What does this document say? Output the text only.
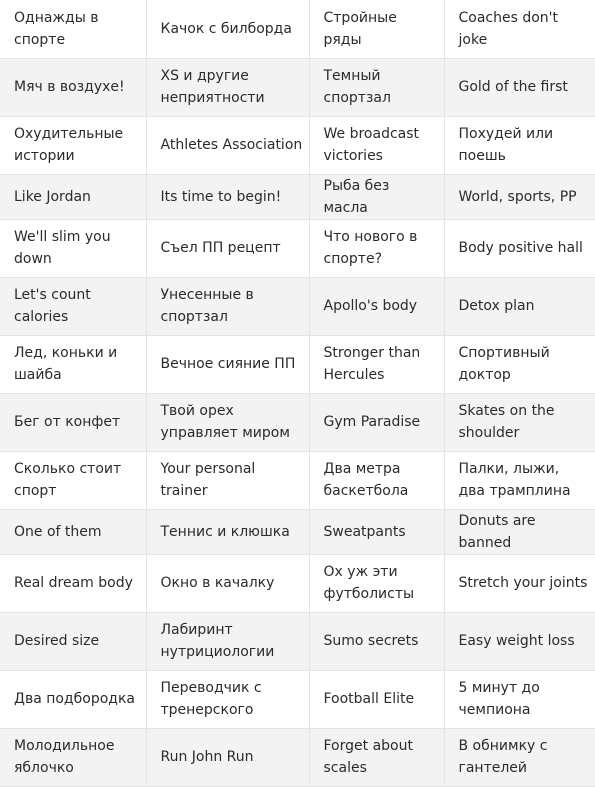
Однажды в спорте	Качок с билборда	Стройные ряды	Coaches don't joke
Мяч в воздухе!	XS и другие неприятности	Темный спортзал	Gold of the first
Охудительные истории	Athletes Association	We broadcast victories	Похудей или поешь
Like Jordan	Its time to begin!	Рыба без масла	World, sports, PP
We'll slim you down	Съел ПП рецепт	Что нового в спорте?	Body positive hall
Let's count calories	Унесенные в спортзал	Apollo's body	Detox plan
Лед, коньки и шайба	Вечное сияние ПП	Stronger than Hercules	Спортивный доктор
Бег от конфет	Твой орех управляет миром	Gym Paradise	Skates on the shoulder
Сколько стоит спорт	Your personal trainer	Два метра баскетбола	Палки, лыжи, два трамплина
One of them	Теннис и клюшка	Sweatpants	Donuts are banned
Real dream body	Окно в качалку	Ох уж эти футболисты	Stretch your joints
Desired size	Лабиринт нутрициологии	Sumo secrets	Easy weight loss
Два подбородка	Переводчик с тренерского	Football Elite	5 минут до чемпиона
Молодильное яблочко	Run John Run	Forget about scales	В обнимку с гантелей
